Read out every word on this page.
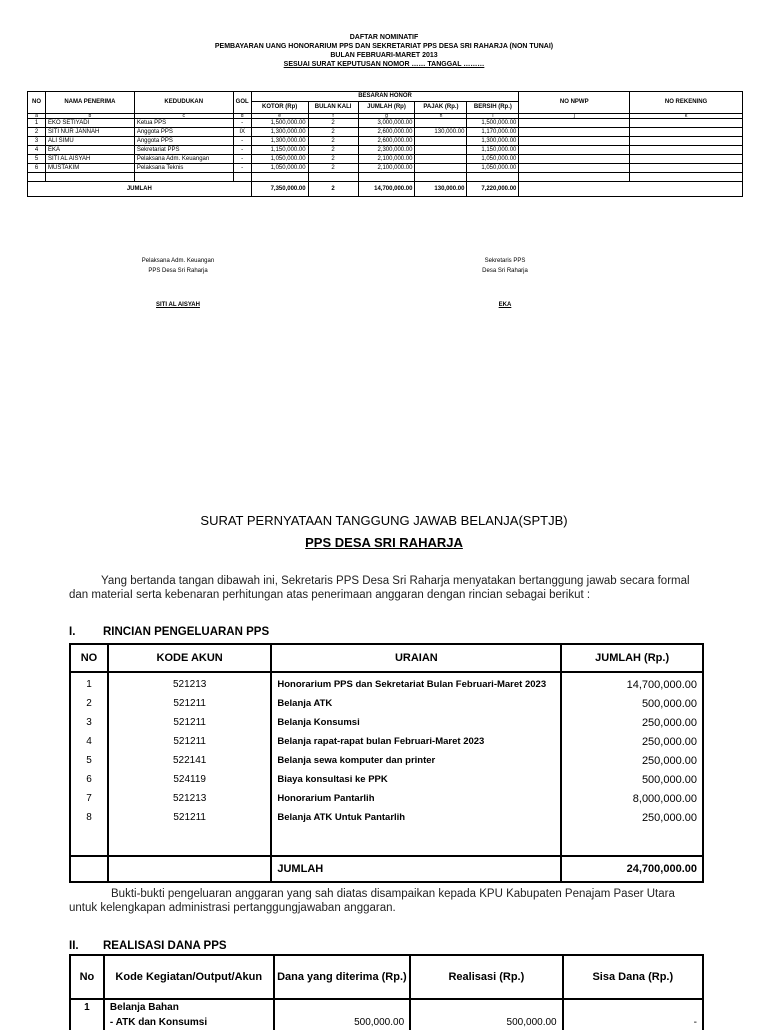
DAFTAR NOMINATIF
PEMBAYARAN UANG HONORARIUM PPS DAN SEKRETARIAT PPS DESA SRI RAHARJA (NON TUNAI)
BULAN FEBRUARI-MARET 2013
SESUAI SURAT KEPUTUSAN NOMOR …… TANGGAL ………
NO	NAMA PENERIMA	KEDUDUKAN	GOL	BESARAN HONOR					NO NPWP	NO REKENING
				KOTOR (Rp)	BULAN KALI	JUMLAH (Rp)	PAJAK (Rp.)	BERSIH (Rp.)		
a	b	c	d	e	f	g	h	i	j	k
1	EKO SETIYADI	Ketua PPS	-	1,500,000.00	2	3,000,000.00		1,500,000.00		
2	SITI NUR JANNAH	Anggota PPS	IX	1,300,000.00	2	2,600,000.00	130,000.00	1,170,000.00		
3	ALI SIMU	Anggota PPS	-	1,300,000.00	2	2,600,000.00		1,300,000.00		
4	EKA	Sekretariat PPS	-	1,150,000.00	2	2,300,000.00		1,150,000.00		
5	SITI AL AISYAH	Pelaksana Adm. Keuangan	-	1,050,000.00	2	2,100,000.00		1,050,000.00		
6	MUSTAKIM	Pelaksana Teknis	-	1,050,000.00	2	2,100,000.00		1,050,000.00		

JUMLAH				7,350,000.00	2	14,700,000.00	130,000.00	7,220,000.00		
Pelaksana Adm. Keuangan
PPS Desa Sri Raharja
SITI AL AISYAH
Sekretaris PPS
Desa Sri Raharja
EKA
SURAT PERNYATAAN TANGGUNG JAWAB BELANJA(SPTJB)
PPS DESA SRI RAHARJA
Yang bertanda tangan dibawah ini, Sekretaris PPS Desa Sri Raharja menyatakan bertanggung jawab secara formal dan materiaI serta kebenaran perhitungan atas penerimaan anggaran dengan rincian sebagai berikut :
I. RINCIAN PENGELUARAN PPS
NO	KODE AKUN	URAIAN	JUMLAH (Rp.)
1	521213	Honorarium PPS dan Sekretariat Bulan Februari-Maret 2023	14,700,000.00
2	521211	Belanja ATK	500,000.00
3	521211	Belanja Konsumsi	250,000.00
4	521211	Belanja rapat-rapat bulan Februari-Maret 2023	250,000.00
5	522141	Belanja sewa komputer dan printer	250,000.00
6	524119	Biaya konsultasi ke PPK	500,000.00
7	521213	Honorarium Pantarlih	8,000,000.00
8	521211	Belanja ATK Untuk Pantarlih	250,000.00

		JUMLAH	24,700,000.00
Bukti-bukti pengeluaran anggaran yang sah diatas disampaikan kepada KPU Kabupaten Penajam Paser Utara untuk kelengkapan administrasi pertanggungjawaban anggaran.
II. REALISASI DANA PPS
No	Kode Kegiatan/Output/Akun	Dana yang diterima (Rp.)	Realisasi (Rp.)	Sisa Dana (Rp.)
1	Belanja Bahan			
	- ATK dan Konsumsi	500,000.00	500,000.00	-
